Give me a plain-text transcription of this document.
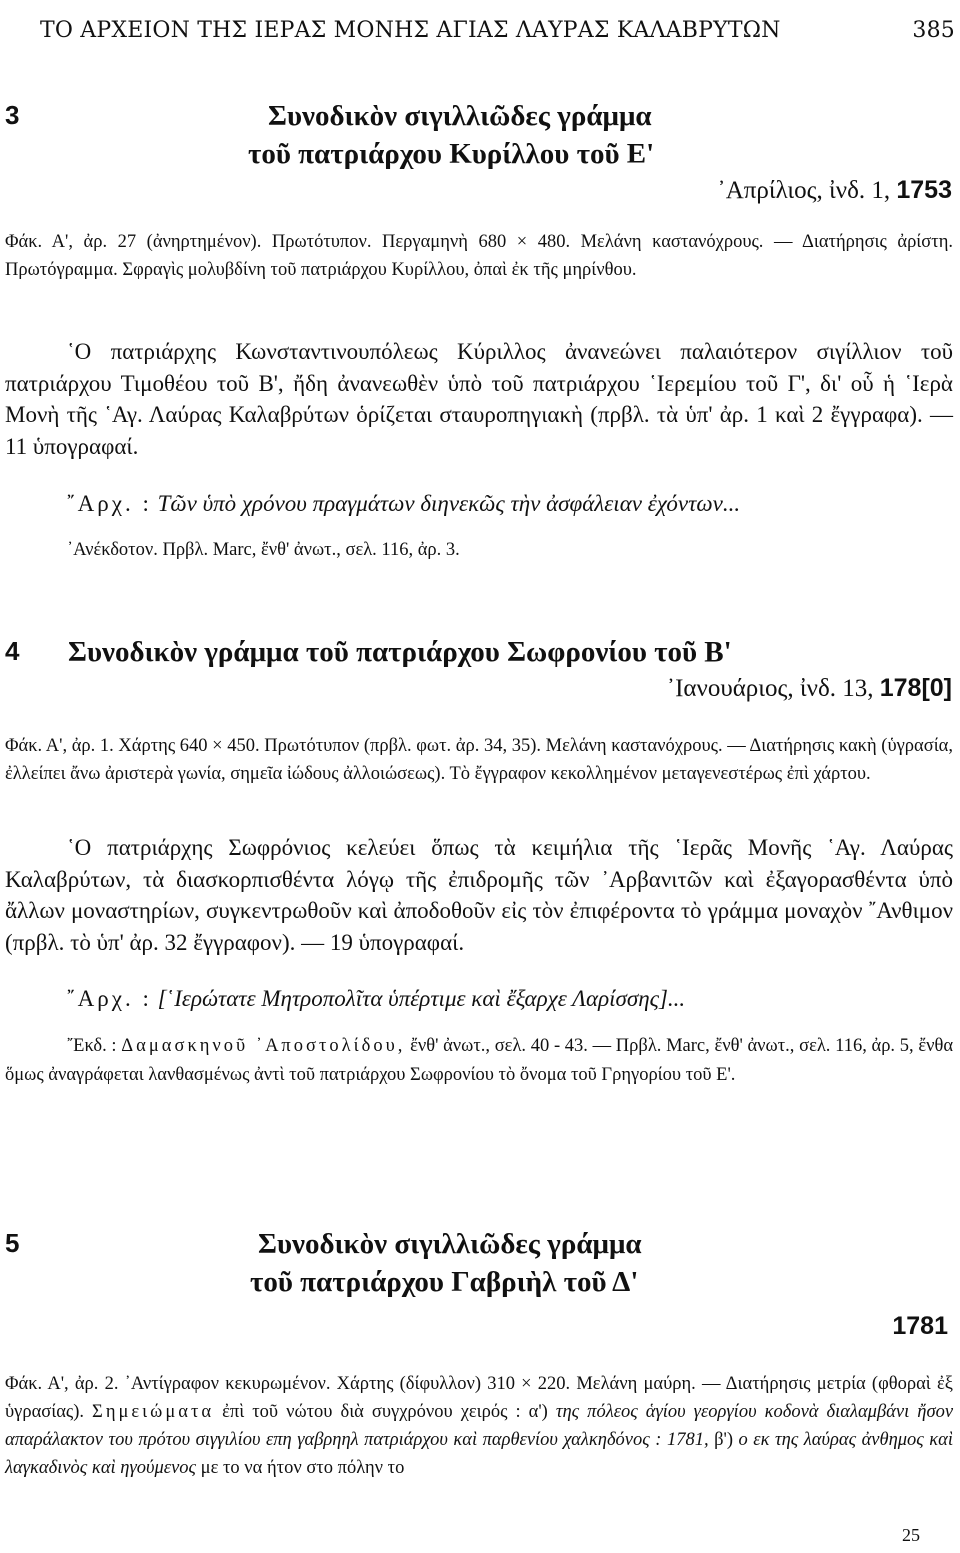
ΤΟ ΑΡΧΕΙΟΝ ΤΗΣ ΙΕΡΑΣ ΜΟΝΗΣ ΑΓΙΑΣ ΛΑΥΡΑΣ ΚΑΛΑΒΡΥΤΩΝ	385
3	Συνοδικὸν σιγιλλιῶδες γράμμα
τοῦ πατριάρχου Κυρίλλου τοῦ Ε'
᾿Απρίλιος, ἰνδ. 1, 1753
Φάκ. Α', ἀρ. 27 (ἀνηρτημένον). Πρωτότυπον. Περγαμηνὴ 680 × 480. Μελάνη καστανόχρους. — Διατήρησις ἀρίστη. Πρωτόγραμμα. Σφραγὶς μολυβδίνη τοῦ πατριάρχου Κυρίλλου, ὀπαὶ ἐκ τῆς μηρίνθου.

῾Ο πατριάρχης Κωνσταντινουπόλεως Κύριλλος ἀνανεώνει παλαιότερον σιγίλλιον τοῦ πατριάρχου Τιμοθέου τοῦ Β', ἤδη ἀνανεωθὲν ὑπὸ τοῦ πατριάρχου ῾Ιερεμίου τοῦ Γ', δι' οὗ ἡ ῾Ιερὰ Μονὴ τῆς ῾Αγ. Λαύρας Καλαβρύτων ὁρίζεται σταυροπηγιακὴ (πρβλ. τὰ ὑπ' ἀρ. 1 καὶ 2 ἔγγραφα). — 11 ὑπογραφαί.

῎Αρχ. : Τῶν ὑπὸ χρόνου πραγμάτων διηνεκῶς τὴν ἀσφάλειαν ἐχόντων...
᾿Ανέκδοτον. Πρβλ. Marc, ἔνθ' ἀνωτ., σελ. 116, ἀρ. 3.
4 Συνοδικὸν γράμμα τοῦ πατριάρχου Σωφρονίου τοῦ Β'
᾿Ιανουάριος, ἰνδ. 13, 178[0]
Φάκ. Α', ἀρ. 1. Χάρτης 640 × 450. Πρωτότυπον (πρβλ. φωτ. ἀρ. 34, 35). Μελάνη καστανόχρους. — Διατήρησις κακὴ (ὑγρασία, ἐλλείπει ἄνω ἀριστερὰ γωνία, σημεῖα ἰώδους ἀλλοιώσεως). Τὸ ἔγγραφον κεκολλημένον μεταγενεστέρως ἐπὶ χάρτου.

῾Ο πατριάρχης Σωφρόνιος κελεύει ὅπως τὰ κειμήλια τῆς ῾Ιερᾶς Μονῆς ῾Αγ. Λαύρας Καλαβρύτων, τὰ διασκορπισθέντα λόγῳ τῆς ἐπιδρομῆς τῶν ᾿Αρβανιτῶν καὶ ἐξαγορασθέντα ὑπὸ ἄλλων μοναστηρίων, συγκεντρωθοῦν καὶ ἀποδοθοῦν εἰς τὸν ἐπιφέροντα τὸ γράμμα μοναχὸν ῎Ανθιμον (πρβλ. τὸ ὑπ' ἀρ. 32 ἔγγραφον). — 19 ὑπογραφαί.

῎Αρχ. : [῾Ιερώτατε Μητροπολῖτα ὑπέρτιμε καὶ ἔξαρχε Λαρίσσης]...
῎Εκδ. : Δαμασκηνοῦ ᾿Αποστολίδου, ἔνθ' ἀνωτ., σελ. 40 - 43. — Πρβλ. Marc, ἔνθ' ἀνωτ., σελ. 116, ἀρ. 5, ἔνθα ὅμως ἀναγράφεται λανθασμένως ἀντὶ τοῦ πατριάρχου Σωφρονίου τὸ ὄνομα τοῦ Γρηγορίου τοῦ Ε'.
5	Συνοδικὸν σιγιλλιῶδες γράμμα
τοῦ πατριάρχου Γαβριὴλ τοῦ Δ'
1781
Φάκ. Α', ἀρ. 2. ᾿Αντίγραφον κεκυρωμένον. Χάρτης (δίφυλλον) 310 × 220. Μελάνη μαύρη. — Διατήρησις μετρία (φθοραὶ ἐξ ὑγρασίας). Σημειώματα ἐπὶ τοῦ νώτου διὰ συγχρόνου χειρός : α') της πόλεος ἁγίου γεοργίου κοδονὰ διαλαμβάνι ἤσον απαράλακτον του πρότου σιγγιλίου επη γαβρηηλ πατριάρχου καὶ παρθενίου χαλκηδόνος : 1781, β') ο εκ της λαύρας ἀνθημος καὶ λαγκαδινὸς καὶ ηγούμενος με το να ήτον στο πόλην το
25
